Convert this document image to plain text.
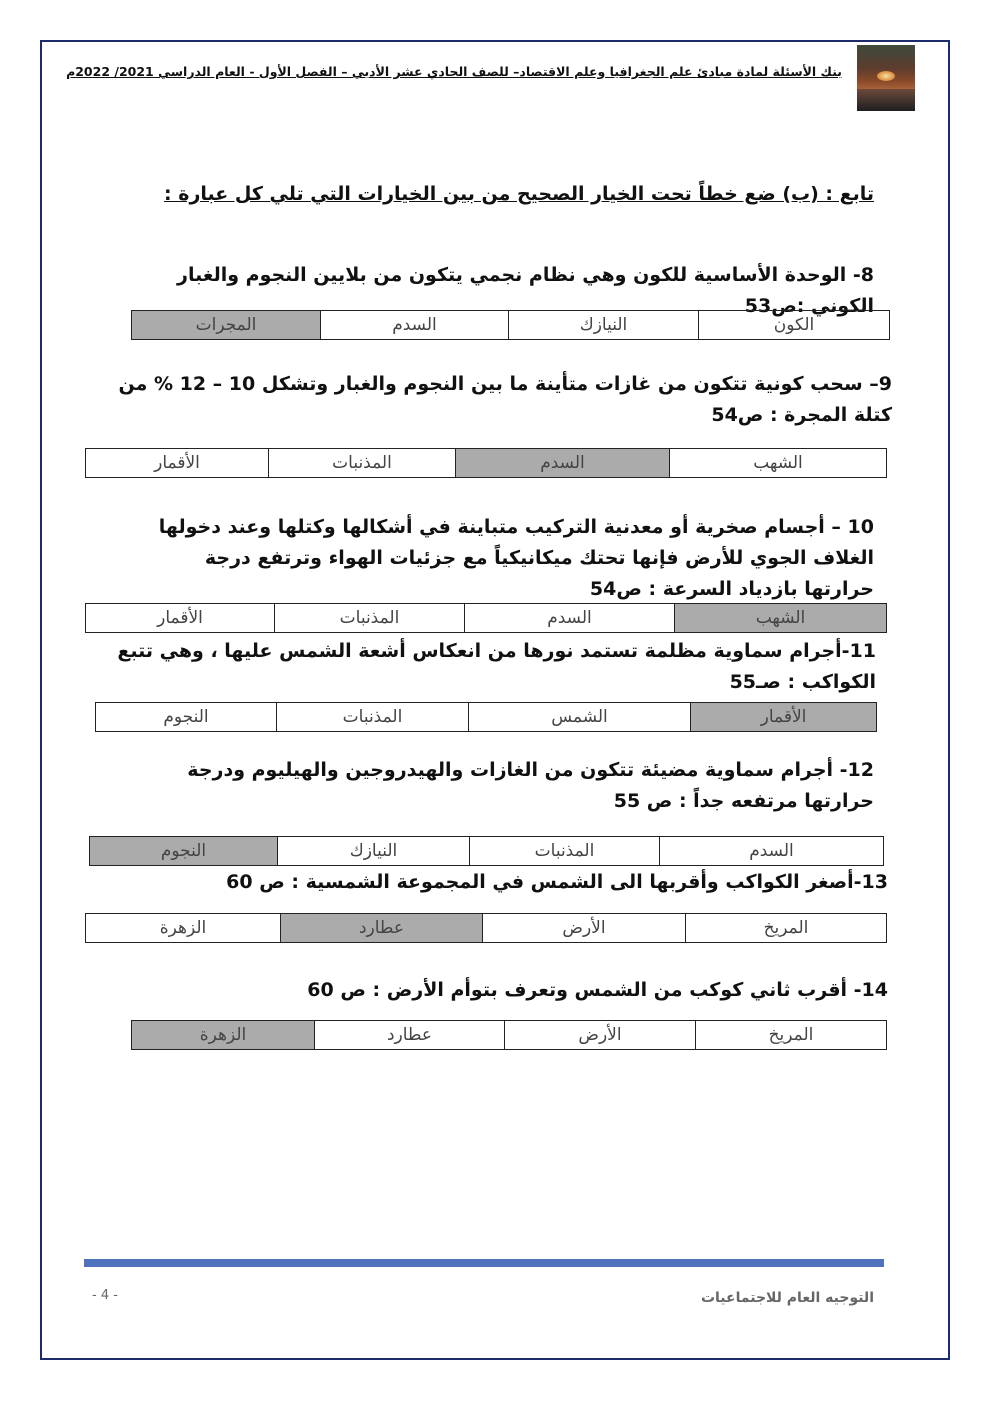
بنك الأسئلة لمادة مبادئ علم الجغرافيا وعلم الاقتصاد– للصف الحادي عشر الأدبي – الفصل الأول - العام الدراسي 2021/ 2022م
تابع : (ب) ضع خطاً تحت الخيار الصحيح من بين الخيارات التي تلي كل عبارة :
8- الوحدة الأساسية للكون وهي نظام نجمي يتكون من بلايين النجوم والغبار الكوني :ص53
الكون	النيازك	السدم	المجرات
9– سحب كونية تتكون من غازات متأينة ما بين النجوم والغبار وتشكل 10 – 12 % من كتلة المجرة : ص54
الشهب	السدم	المذنبات	الأقمار
10 – أجسام صخرية أو معدنية التركيب متباينة في أشكالها وكتلها وعند دخولها الغلاف الجوي للأرض فإنها تحتك ميكانيكياً مع جزئيات الهواء وترتفع درجة حرارتها بازدياد السرعة : ص54
الشهب	السدم	المذنبات	الأقمار
11-أجرام سماوية مظلمة تستمد نورها من انعكاس أشعة الشمس عليها ، وهي تتبع الكواكب : صـ55
الأقمار	الشمس	المذنبات	النجوم
12- أجرام سماوية مضيئة تتكون من الغازات والهيدروجين والهيليوم ودرجة حرارتها مرتفعه جداً : ص 55
السدم	المذنبات	النيازك	النجوم
13-أصغر الكواكب وأقربها الى الشمس في المجموعة الشمسية : ص 60
المريخ	الأرض	عطارد	الزهرة
14- أقرب ثاني كوكب من الشمس وتعرف بتوأم الأرض : ص 60
المريخ	الأرض	عطارد	الزهرة
- 4 -	التوجيه العام للاجتماعيات
